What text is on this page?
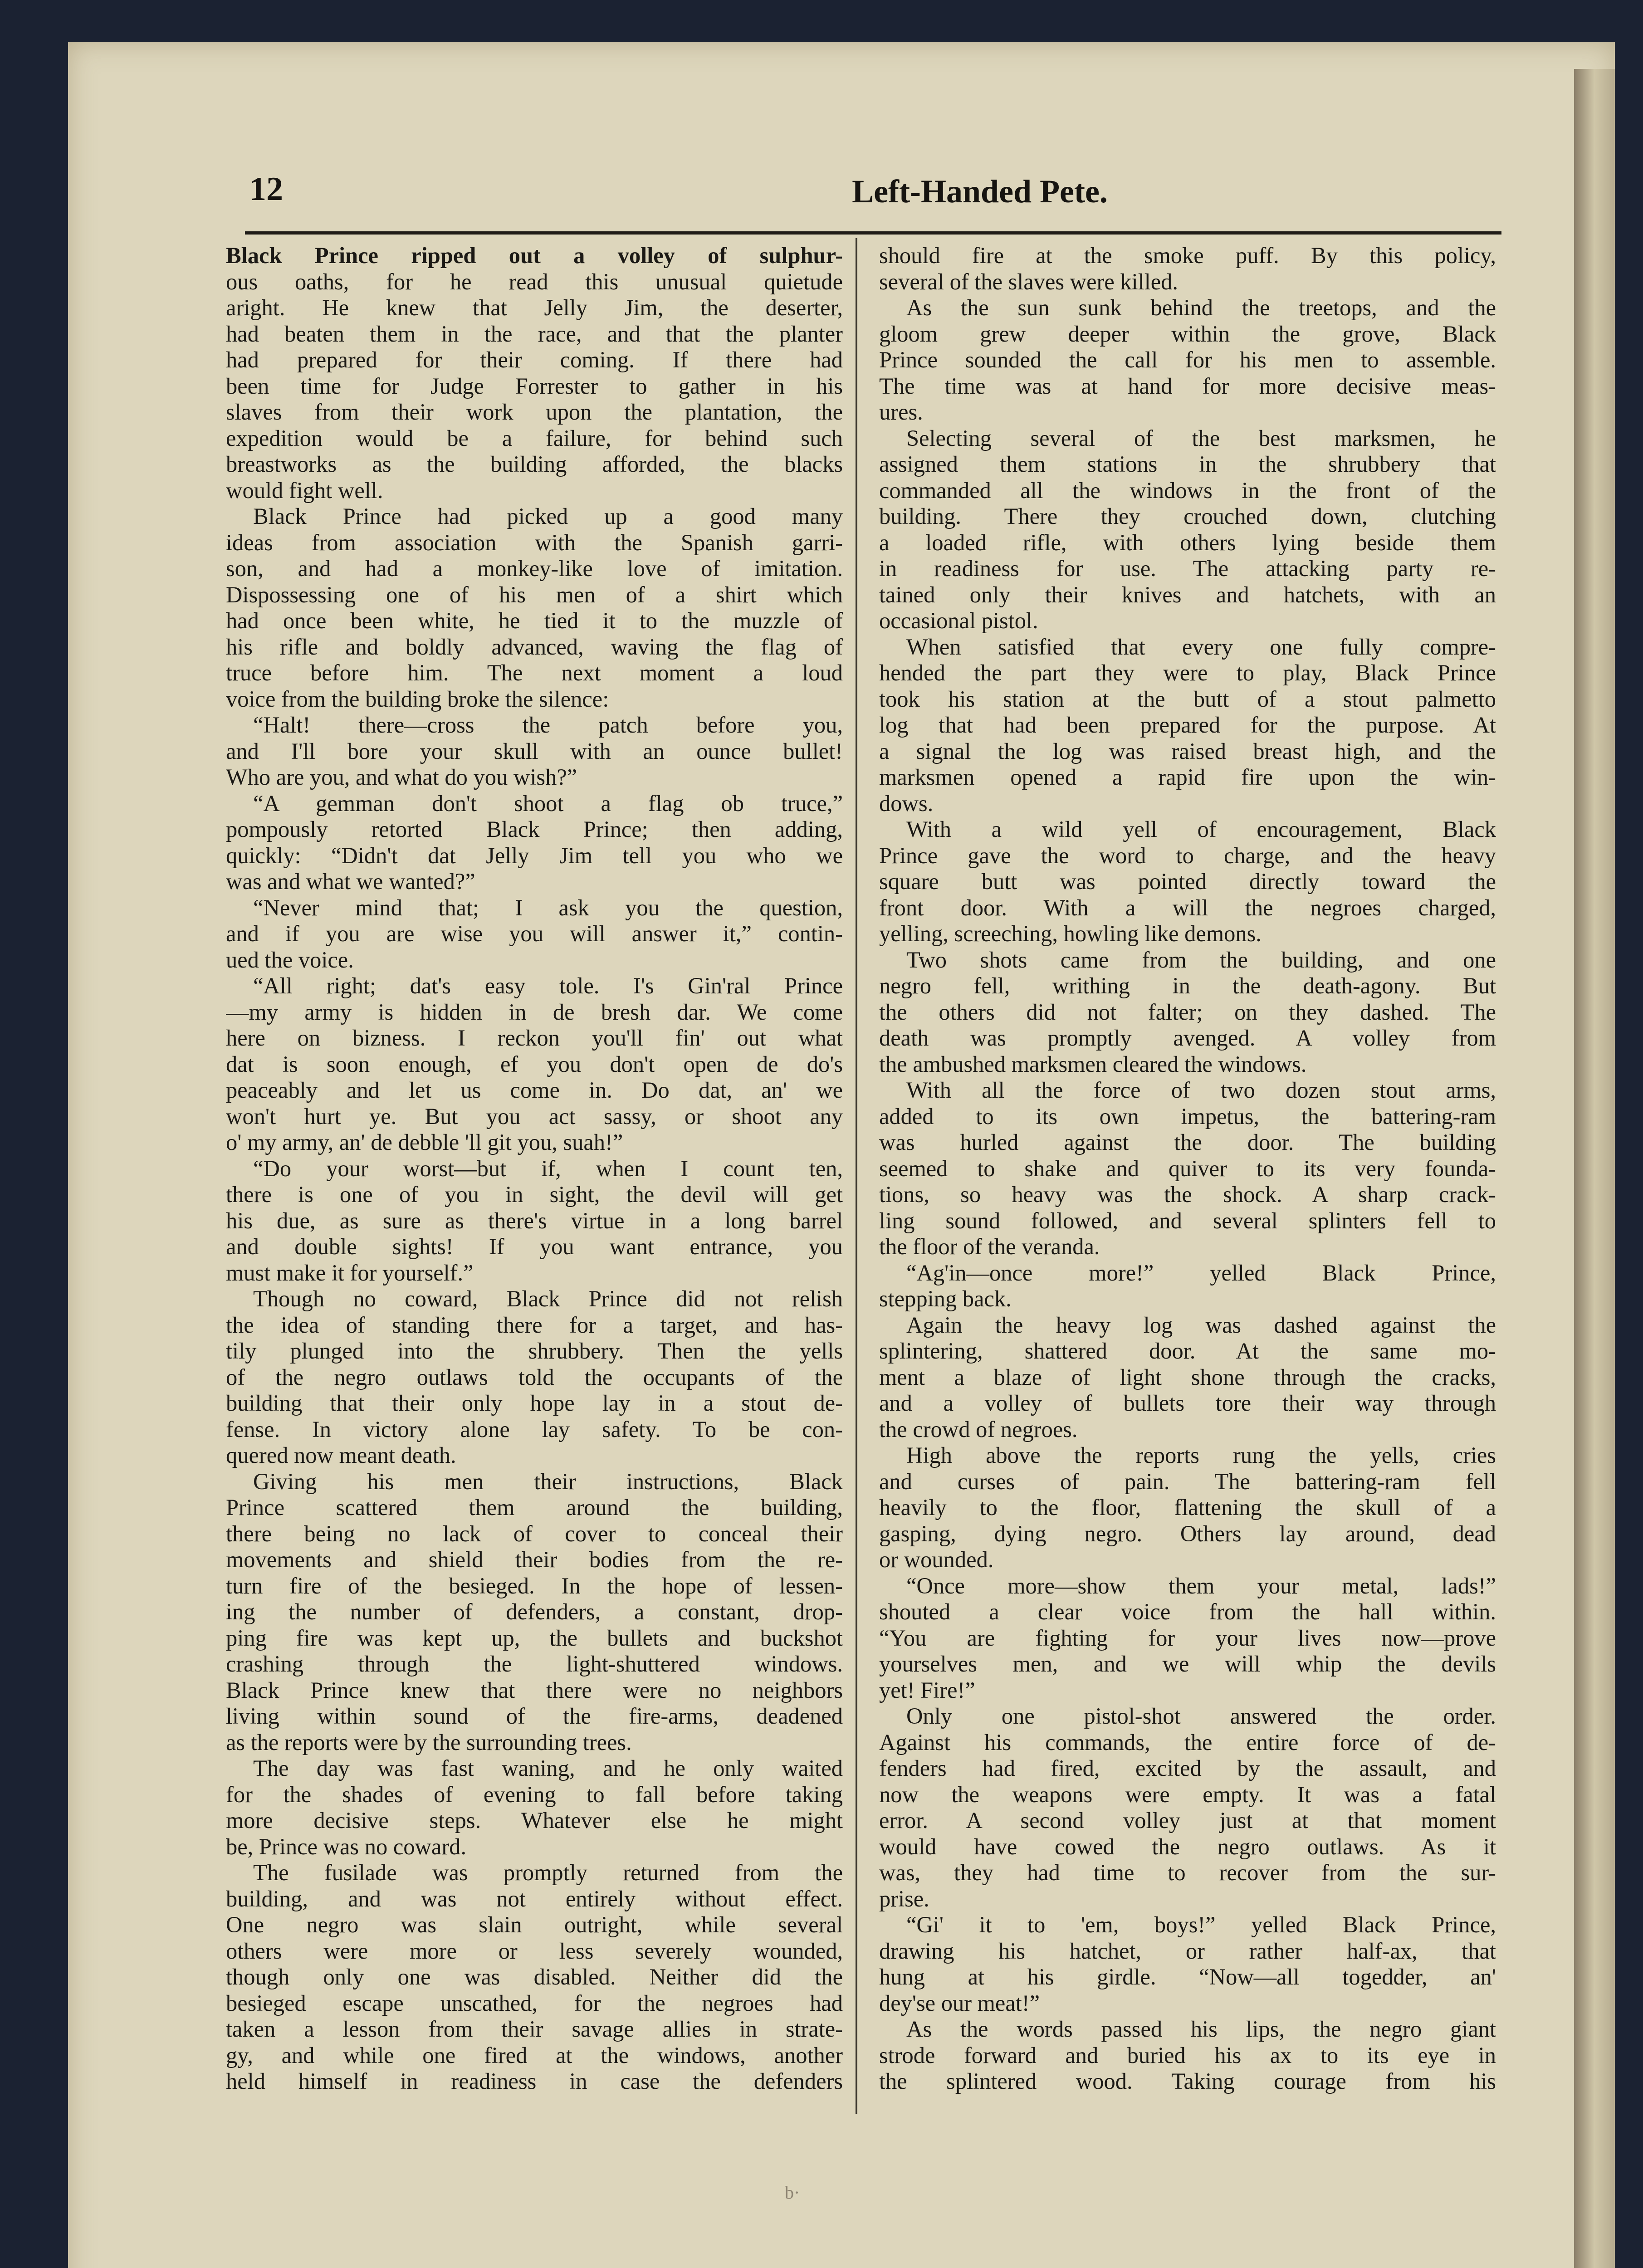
12	Left-Handed Pete.
Black Prince ripped out a volley of sulphur-
ous oaths, for he read this unusual quietude
aright. He knew that Jelly Jim, the deserter,
had beaten them in the race, and that the planter
had prepared for their coming. If there had
been time for Judge Forrester to gather in his
slaves from their work upon the plantation, the
expedition would be a failure, for behind such
breastworks as the building afforded, the blacks
would fight well.
Black Prince had picked up a good many
ideas from association with the Spanish garri-
son, and had a monkey-like love of imitation.
Dispossessing one of his men of a shirt which
had once been white, he tied it to the muzzle of
his rifle and boldly advanced, waving the flag of
truce before him. The next moment a loud
voice from the building broke the silence:
“Halt! there—cross the patch before you,
and I'll bore your skull with an ounce bullet!
Who are you, and what do you wish?”
“A gemman don't shoot a flag ob truce,”
pompously retorted Black Prince; then adding,
quickly: “Didn't dat Jelly Jim tell you who we
was and what we wanted?”
“Never mind that; I ask you the question,
and if you are wise you will answer it,” contin-
ued the voice.
“All right; dat's easy tole. I's Gin'ral Prince
—my army is hidden in de bresh dar. We come
here on bizness. I reckon you'll fin' out what
dat is soon enough, ef you don't open de do's
peaceably and let us come in. Do dat, an' we
won't hurt ye. But you act sassy, or shoot any
o' my army, an' de debble 'll git you, suah!”
“Do your worst—but if, when I count ten,
there is one of you in sight, the devil will get
his due, as sure as there's virtue in a long barrel
and double sights! If you want entrance, you
must make it for yourself.”
Though no coward, Black Prince did not relish
the idea of standing there for a target, and has-
tily plunged into the shrubbery. Then the yells
of the negro outlaws told the occupants of the
building that their only hope lay in a stout de-
fense. In victory alone lay safety. To be con-
quered now meant death.
Giving his men their instructions, Black
Prince scattered them around the building,
there being no lack of cover to conceal their
movements and shield their bodies from the re-
turn fire of the besieged. In the hope of lessen-
ing the number of defenders, a constant, drop-
ping fire was kept up, the bullets and buckshot
crashing through the light-shuttered windows.
Black Prince knew that there were no neighbors
living within sound of the fire-arms, deadened
as the reports were by the surrounding trees.
The day was fast waning, and he only waited
for the shades of evening to fall before taking
more decisive steps. Whatever else he might
be, Prince was no coward.
The fusilade was promptly returned from the
building, and was not entirely without effect.
One negro was slain outright, while several
others were more or less severely wounded,
though only one was disabled. Neither did the
besieged escape unscathed, for the negroes had
taken a lesson from their savage allies in strate-
gy, and while one fired at the windows, another
held himself in readiness in case the defenders
should fire at the smoke puff. By this policy,
several of the slaves were killed.
As the sun sunk behind the treetops, and the
gloom grew deeper within the grove, Black
Prince sounded the call for his men to assemble.
The time was at hand for more decisive meas-
ures.
Selecting several of the best marksmen, he
assigned them stations in the shrubbery that
commanded all the windows in the front of the
building. There they crouched down, clutching
a loaded rifle, with others lying beside them
in readiness for use. The attacking party re-
tained only their knives and hatchets, with an
occasional pistol.
When satisfied that every one fully compre-
hended the part they were to play, Black Prince
took his station at the butt of a stout palmetto
log that had been prepared for the purpose. At
a signal the log was raised breast high, and the
marksmen opened a rapid fire upon the win-
dows.
With a wild yell of encouragement, Black
Prince gave the word to charge, and the heavy
square butt was pointed directly toward the
front door. With a will the negroes charged,
yelling, screeching, howling like demons.
Two shots came from the building, and one
negro fell, writhing in the death-agony. But
the others did not falter; on they dashed. The
death was promptly avenged. A volley from
the ambushed marksmen cleared the windows.
With all the force of two dozen stout arms,
added to its own impetus, the battering-ram
was hurled against the door. The building
seemed to shake and quiver to its very founda-
tions, so heavy was the shock. A sharp crack-
ling sound followed, and several splinters fell to
the floor of the veranda.
“Ag'in—once more!” yelled Black Prince,
stepping back.
Again the heavy log was dashed against the
splintering, shattered door. At the same mo-
ment a blaze of light shone through the cracks,
and a volley of bullets tore their way through
the crowd of negroes.
High above the reports rung the yells, cries
and curses of pain. The battering-ram fell
heavily to the floor, flattening the skull of a
gasping, dying negro. Others lay around, dead
or wounded.
“Once more—show them your metal, lads!”
shouted a clear voice from the hall within.
“You are fighting for your lives now—prove
yourselves men, and we will whip the devils
yet! Fire!”
Only one pistol-shot answered the order.
Against his commands, the entire force of de-
fenders had fired, excited by the assault, and
now the weapons were empty. It was a fatal
error. A second volley just at that moment
would have cowed the negro outlaws. As it
was, they had time to recover from the sur-
prise.
“Gi' it to 'em, boys!” yelled Black Prince,
drawing his hatchet, or rather half-ax, that
hung at his girdle. “Now—all togedder, an'
dey'se our meat!”
As the words passed his lips, the negro giant
strode forward and buried his ax to its eye in
the splintered wood. Taking courage from his
b·
